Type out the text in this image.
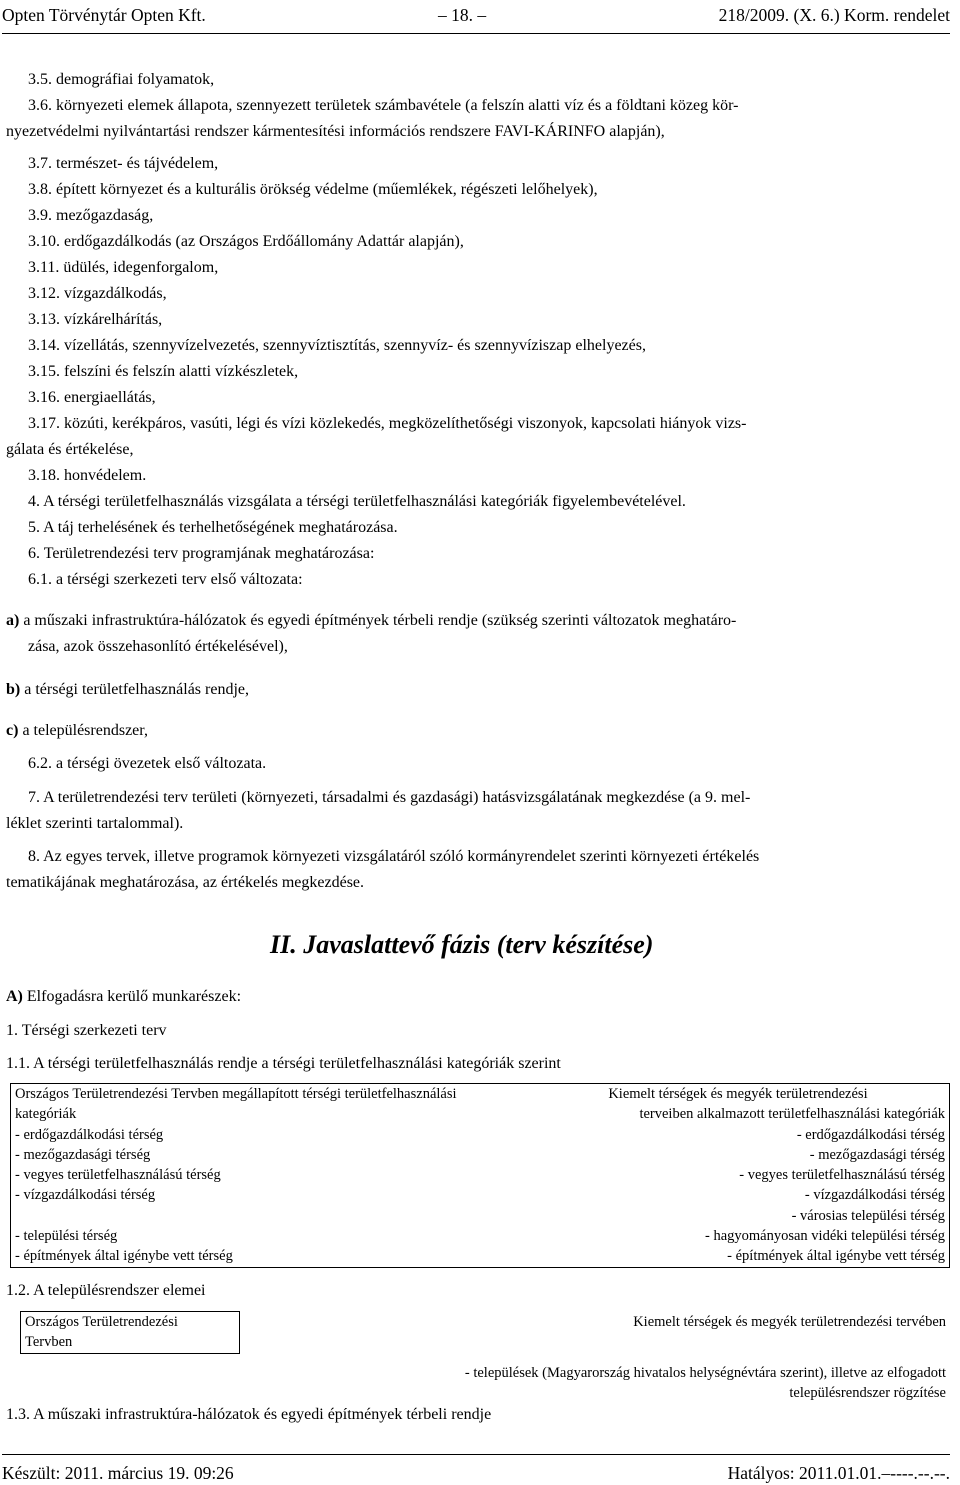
Opten Törvénytár Opten Kft.	– 18. –	218/2009. (X. 6.) Korm. rendelet
3.5. demográfiai folyamatok,
3.6. környezeti elemek állapota, szennyezett területek számbavétele (a felszín alatti víz és a földtani közeg kör-
nyezetvédelmi nyilvántartási rendszer kármentesítési információs rendszere FAVI-KÁRINFO alapján),
3.7. természet- és tájvédelem,
3.8. épített környezet és a kulturális örökség védelme (műemlékek, régészeti lelőhelyek),
3.9. mezőgazdaság,
3.10. erdőgazdálkodás (az Országos Erdőállomány Adattár alapján),
3.11. üdülés, idegenforgalom,
3.12. vízgazdálkodás,
3.13. vízkárelhárítás,
3.14. vízellátás, szennyvízelvezetés, szennyvíztisztítás, szennyvíz- és szennyvíziszap elhelyezés,
3.15. felszíni és felszín alatti vízkészletek,
3.16. energiaellátás,
3.17. közúti, kerékpáros, vasúti, légi és vízi közlekedés, megközelíthetőségi viszonyok, kapcsolati hiányok vizs-
gálata és értékelése,
3.18. honvédelem.
4. A térségi területfelhasználás vizsgálata a térségi területfelhasználási kategóriák figyelembevételével.
5. A táj terhelésének és terhelhetőségének meghatározása.
6. Területrendezési terv programjának meghatározása:
6.1. a térségi szerkezeti terv első változata:
a) a műszaki infrastruktúra-hálózatok és egyedi építmények térbeli rendje (szükség szerinti változatok meghatáro-
zása, azok összehasonlító értékelésével),
b) a térségi területfelhasználás rendje,
c) a településrendszer,
6.2. a térségi övezetek első változata.
7. A területrendezési terv területi (környezeti, társadalmi és gazdasági) hatásvizsgálatának megkezdése (a 9. mel-
léklet szerinti tartalommal).
8. Az egyes tervek, illetve programok környezeti vizsgálatáról szóló kormányrendelet szerinti környezeti értékelés
tematikájának meghatározása, az értékelés megkezdése.
II. Javaslattevő fázis (terv készítése)
A) Elfogadásra kerülő munkarészek:
1. Térségi szerkezeti terv
1.1. A térségi területfelhasználás rendje a térségi területfelhasználási kategóriák szerint
Országos Területrendezési Tervben megállapított térségi területfelhasználási
kategóriák	Kiemelt térségek és megyék területrendezési

terveiben alkalmazott területfelhasználási kategóriák

- erdőgazdálkodási térség	- erdőgazdálkodási térség
- mezőgazdasági térség	- mezőgazdasági térség
- vegyes területfelhasználású térség	- vegyes területfelhasználású térség
- vízgazdálkodási térség	- vízgazdálkodási térség
	- városias települési térség
- települési térség	- hagyományosan vidéki települési térség
- építmények által igénybe vett térség	- építmények által igénybe vett térség
1.2. A településrendszer elemei
Országos Területrendezési
Tervben	Kiemelt térségek és megyék területrendezési tervében
	- települések (Magyarország hivatalos helységnévtára szerint), illetve az elfogadott
településrendszer rögzítése
1.3. A műszaki infrastruktúra-hálózatok és egyedi építmények térbeli rendje
Készült: 2011. március 19. 09:26	Hatályos: 2011.01.01.–----.--.--.
